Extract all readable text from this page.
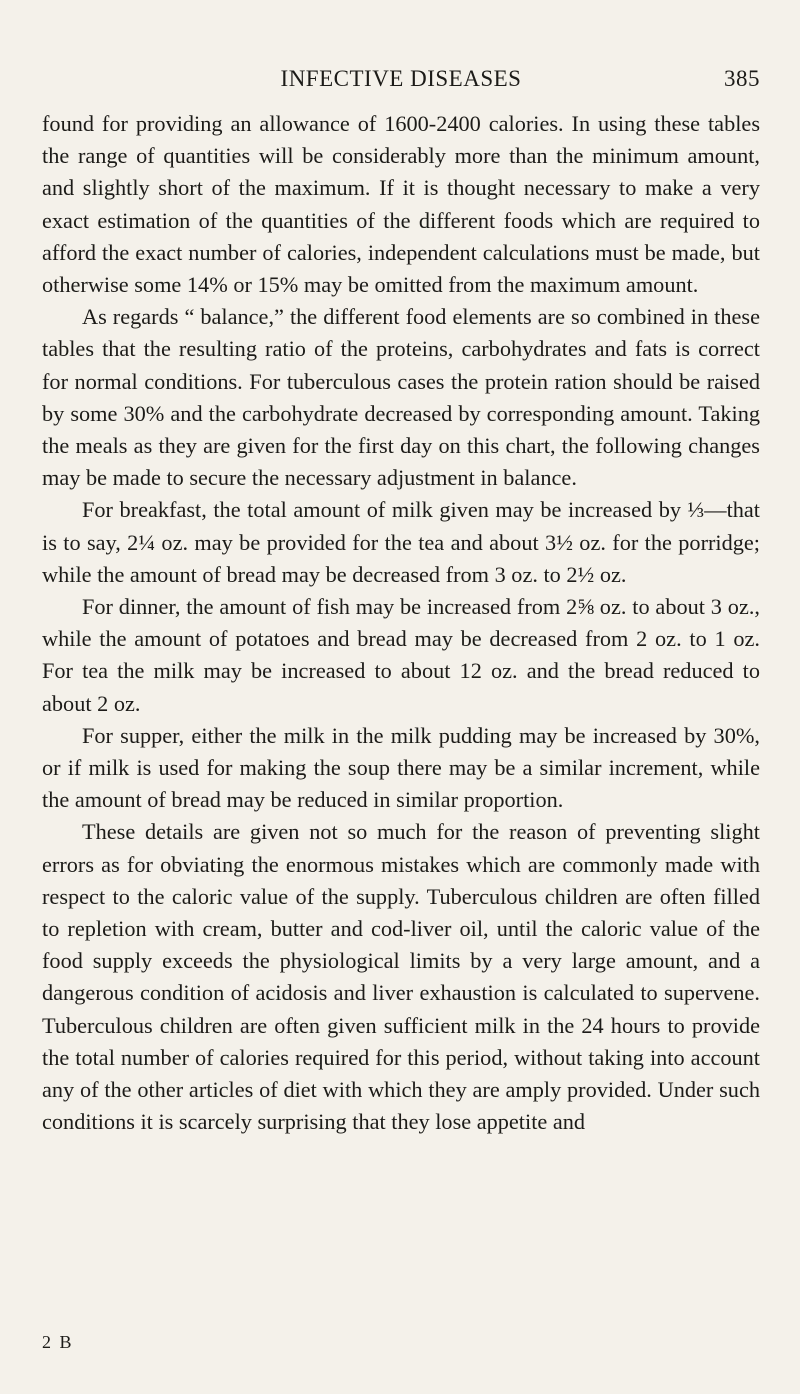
INFECTIVE DISEASES	385

found for providing an allowance of 1600-2400 calories. In using these tables the range of quantities will be considerably more than the minimum amount, and slightly short of the maximum. If it is thought necessary to make a very exact estimation of the quantities of the different foods which are required to afford the exact number of calories, independent calculations must be made, but otherwise some 14% or 15% may be omitted from the maximum amount.

As regards “ balance,” the different food elements are so combined in these tables that the resulting ratio of the proteins, carbohydrates and fats is correct for normal conditions. For tuberculous cases the protein ration should be raised by some 30% and the carbohydrate decreased by corresponding amount. Taking the meals as they are given for the first day on this chart, the following changes may be made to secure the necessary adjustment in balance.

For breakfast, the total amount of milk given may be increased by ⅓—that is to say, 2¼ oz. may be provided for the tea and about 3½ oz. for the porridge; while the amount of bread may be decreased from 3 oz. to 2½ oz.

For dinner, the amount of fish may be increased from 2⅝ oz. to about 3 oz., while the amount of potatoes and bread may be decreased from 2 oz. to 1 oz. For tea the milk may be increased to about 12 oz. and the bread reduced to about 2 oz.

For supper, either the milk in the milk pudding may be increased by 30%, or if milk is used for making the soup there may be a similar increment, while the amount of bread may be reduced in similar proportion.

These details are given not so much for the reason of preventing slight errors as for obviating the enormous mistakes which are commonly made with respect to the caloric value of the supply. Tuberculous children are often filled to repletion with cream, butter and cod-liver oil, until the caloric value of the food supply exceeds the physiological limits by a very large amount, and a dangerous condition of acidosis and liver exhaustion is calculated to supervene. Tuberculous children are often given sufficient milk in the 24 hours to provide the total number of calories required for this period, without taking into account any of the other articles of diet with which they are amply provided. Under such conditions it is scarcely surprising that they lose appetite and

2 B
